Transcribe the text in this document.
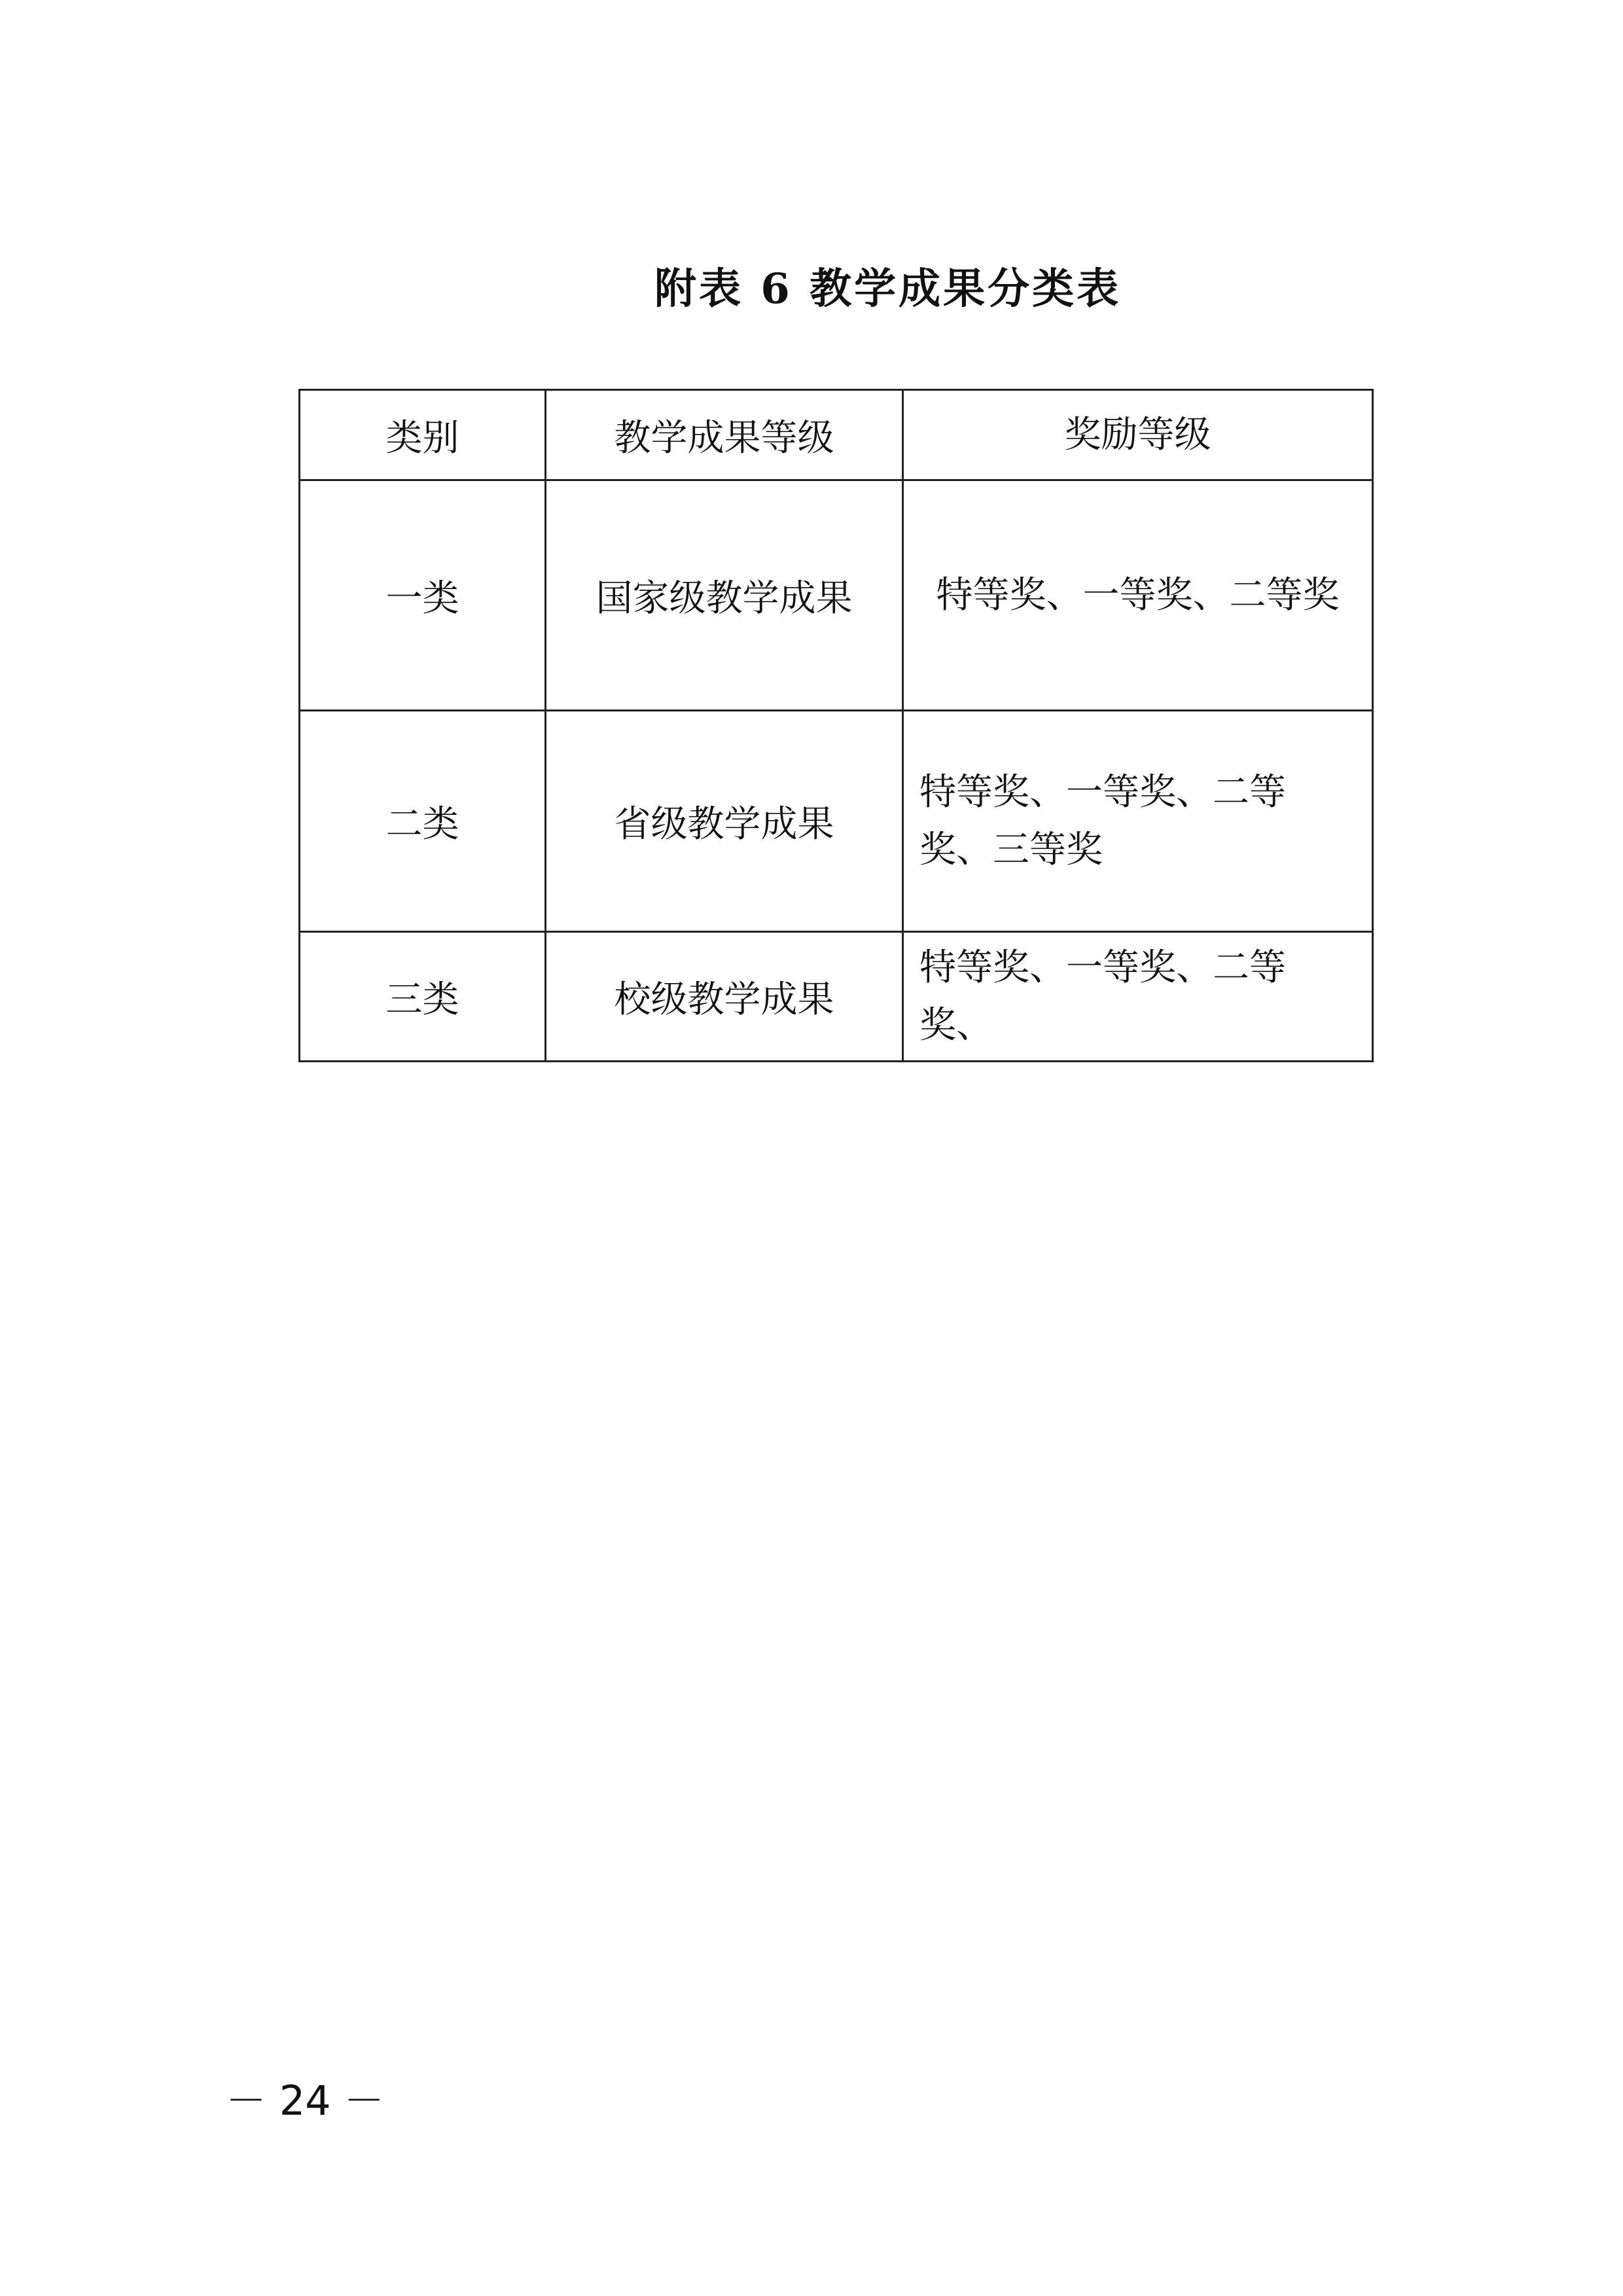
附表 6 教学成果分类表
类别	教学成果等级	奖励等级
一类	国家级教学成果	特等奖、一等奖、二等奖
二类	省级教学成果	特等奖、一等奖、二等奖、三等奖
三类	校级教学成果	特等奖、一等奖、二等奖、
－ 24 －
